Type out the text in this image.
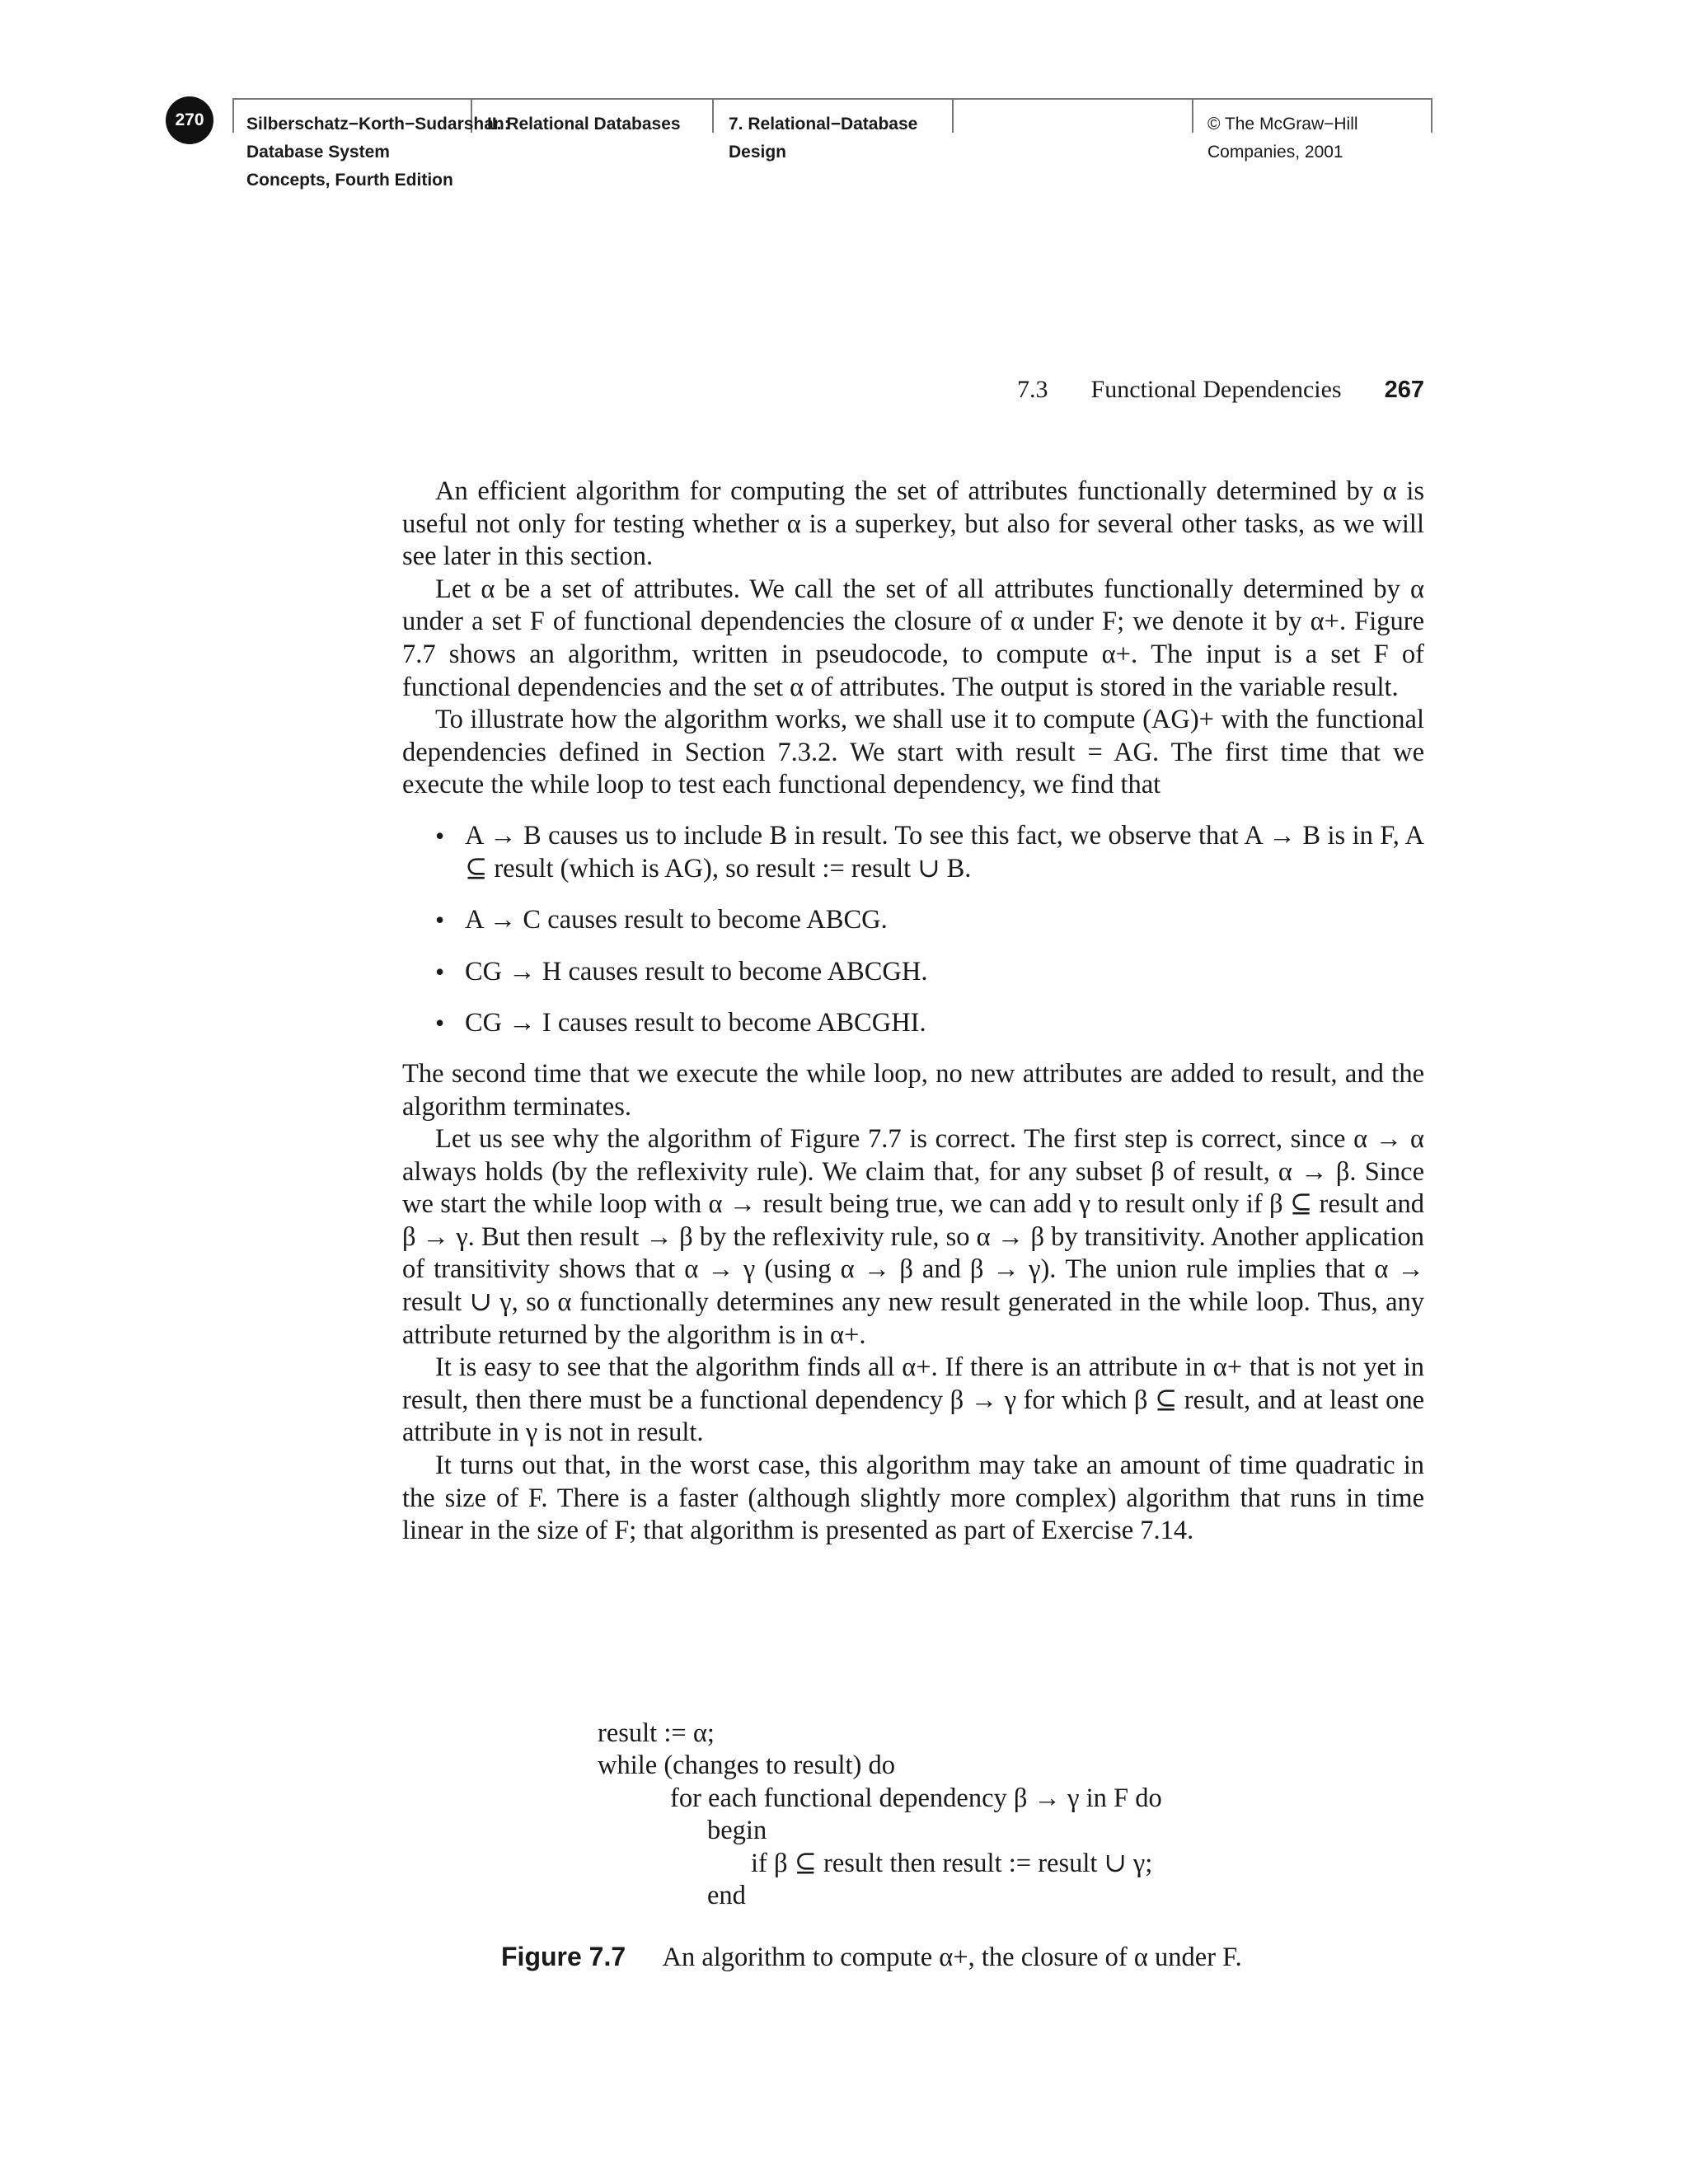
270 Silberschatz−Korth−Sudarshan:
Database System
Concepts, Fourth Edition
II. Relational Databases	7. Relational−Database
Design
© The McGraw−Hill
Companies, 2001
7.3 Functional Dependencies 267

An efficient algorithm for computing the set of attributes functionally determined by α is useful not only for testing whether α is a superkey, but also for several other tasks, as we will see later in this section.

Let α be a set of attributes. We call the set of all attributes functionally determined by α under a set F of functional dependencies the closure of α under F; we denote it by α+. Figure 7.7 shows an algorithm, written in pseudocode, to compute α+. The input is a set F of functional dependencies and the set α of attributes. The output is stored in the variable result.

To illustrate how the algorithm works, we shall use it to compute (AG)+ with the functional dependencies defined in Section 7.3.2. We start with result = AG. The first time that we execute the while loop to test each functional dependency, we find that

• A → B causes us to include B in result. To see this fact, we observe that A → B is in F, A ⊆ result (which is AG), so result := result ∪ B.
• A → C causes result to become ABCG.
• CG → H causes result to become ABCGH.
• CG → I causes result to become ABCGHI.

The second time that we execute the while loop, no new attributes are added to result, and the algorithm terminates.

Let us see why the algorithm of Figure 7.7 is correct. The first step is correct, since α → α always holds (by the reflexivity rule). We claim that, for any subset β of result, α → β. Since we start the while loop with α → result being true, we can add γ to result only if β ⊆ result and β → γ. But then result → β by the reflexivity rule, so α → β by transitivity. Another application of transitivity shows that α → γ (using α → β and β → γ). The union rule implies that α → result ∪ γ, so α functionally determines any new result generated in the while loop. Thus, any attribute returned by the algorithm is in α+.

It is easy to see that the algorithm finds all α+. If there is an attribute in α+ that is not yet in result, then there must be a functional dependency β → γ for which β ⊆ result, and at least one attribute in γ is not in result.

It turns out that, in the worst case, this algorithm may take an amount of time quadratic in the size of F. There is a faster (although slightly more complex) algorithm that runs in time linear in the size of F; that algorithm is presented as part of Exercise 7.14.

result := α;
while (changes to result) do
for each functional dependency β → γ in F do
begin
if β ⊆ result then result := result ∪ γ;
end
Figure 7.7 An algorithm to compute α+, the closure of α under F.
